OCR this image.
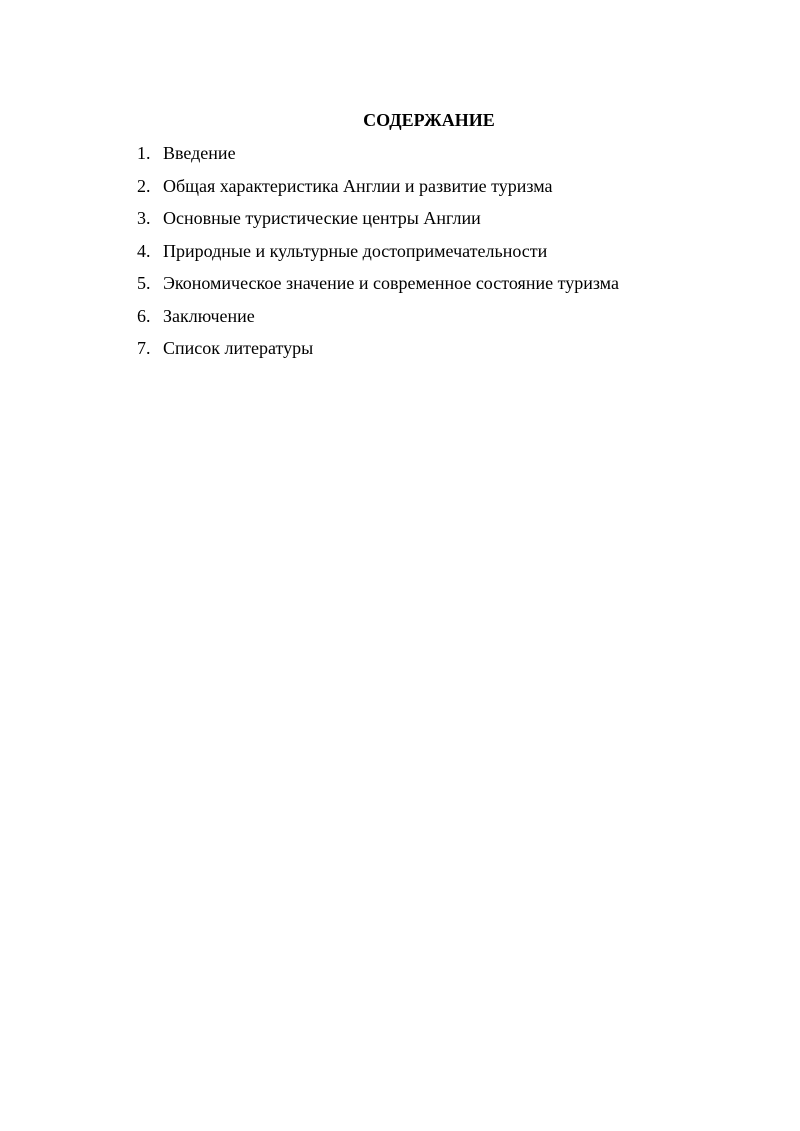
СОДЕРЖАНИЕ
1. Введение
2. Общая характеристика Англии и развитие туризма
3. Основные туристические центры Англии
4. Природные и культурные достопримечательности
5. Экономическое значение и современное состояние туризма
6. Заключение
7. Список литературы
